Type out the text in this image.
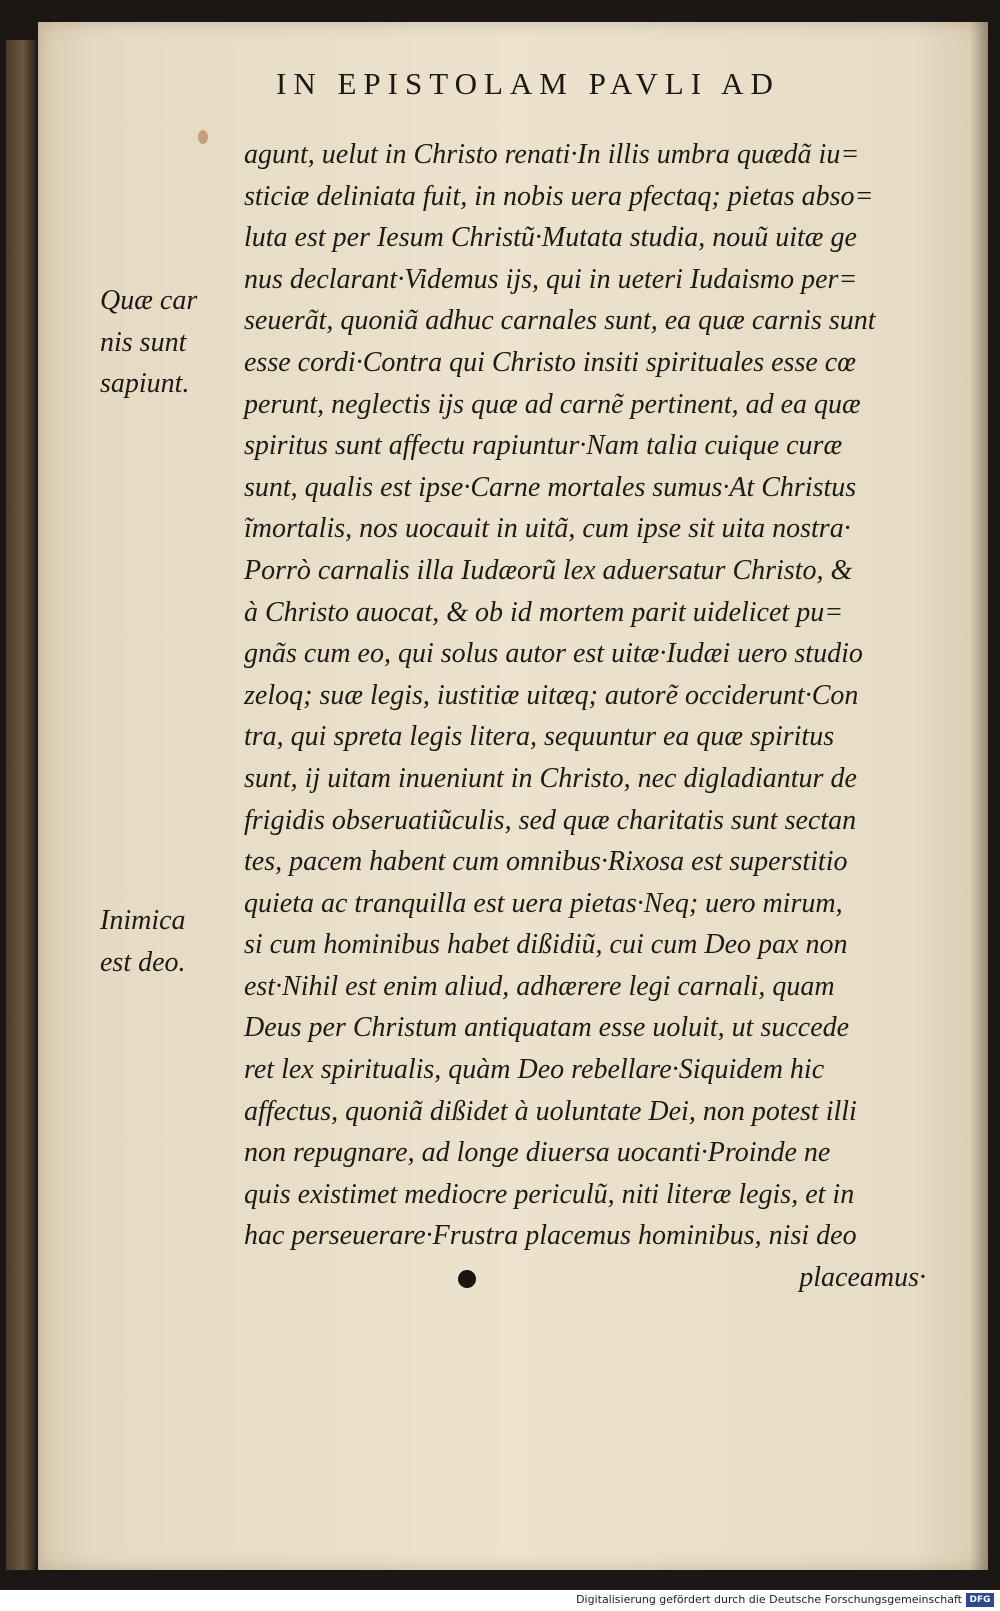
IN EPISTOLAM PAVLI AD
Quæ car
nis sunt
sapiunt.
Inimica
est deo.
agunt, uelut in Christo renati·In illis umbra quædã iu=
sticiæ deliniata fuit, in nobis uera pfectaq; pietas abso=
luta est per Iesum Christũ·Mutata studia, nouũ uitæ ge
nus declarant·Videmus ijs, qui in ueteri Iudaismo per=
seuerãt, quoniã adhuc carnales sunt, ea quæ carnis sunt
esse cordi·Contra qui Christo insiti spirituales esse cœ
perunt, neglectis ijs quæ ad carnẽ pertinent, ad ea quæ
spiritus sunt affectu rapiuntur·Nam talia cuique curæ
sunt, qualis est ipse·Carne mortales sumus·At Christus
ĩmortalis, nos uocauit in uitã, cum ipse sit uita nostra·
Porrò carnalis illa Iudæorũ lex aduersatur Christo, &
à Christo auocat, & ob id mortem parit uidelicet pu=
gnãs cum eo, qui solus autor est uitæ·Iudæi uero studio
zeloq; suæ legis, iustitiæ uitæq; autorẽ occiderunt·Con
tra, qui spreta legis litera, sequuntur ea quæ spiritus
sunt, ij uitam inueniunt in Christo, nec digladiantur de
frigidis obseruatiũculis, sed quæ charitatis sunt sectan
tes, pacem habent cum omnibus·Rixosa est superstitio
quieta ac tranquilla est uera pietas·Neq; uero mirum,
si cum hominibus habet dißidiũ, cui cum Deo pax non
est·Nihil est enim aliud, adhærere legi carnali, quam
Deus per Christum antiquatam esse uoluit, ut succede
ret lex spiritualis, quàm Deo rebellare·Siquidem hic
affectus, quoniã dißidet à uoluntate Dei, non potest illi
non repugnare, ad longe diuersa uocanti·Proinde ne
quis existimet mediocre periculũ, niti literæ legis, et in
hac perseuerare·Frustra placemus hominibus, nisi deo
placeamus·
Digitalisierung gefördert durch die Deutsche Forschungsgemeinschaft DFG
